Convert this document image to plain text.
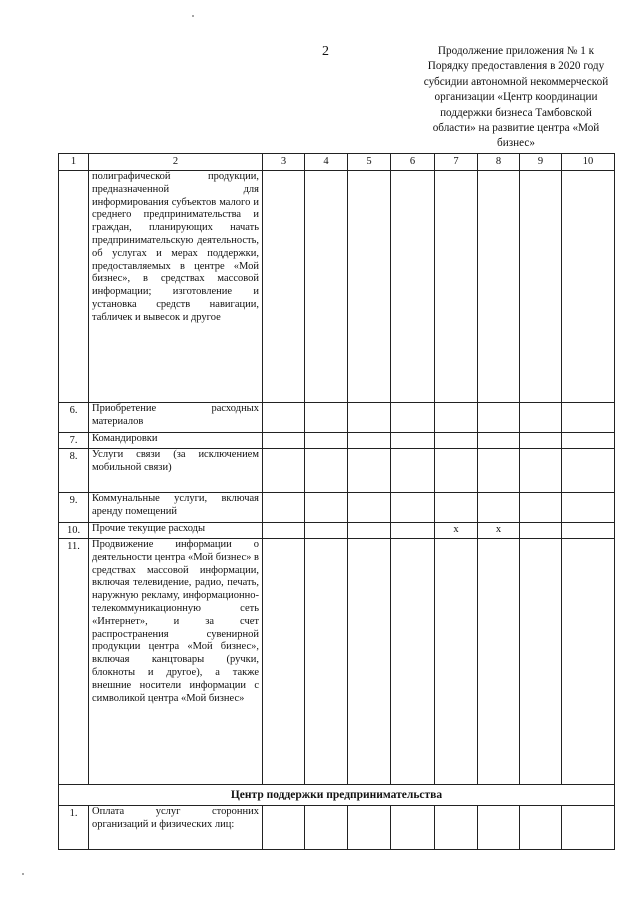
2	Продолжение приложения № 1 к Порядку предоставления в 2020 году субсидии автономной некоммерческой организации «Центр координации поддержки бизнеса Тамбовской области» на развитие центра «Мой бизнес»
1	2	3	4	5	6	7	8	9	10
	полиграфической продукции, предназначенной для информирования субъектов малого и среднего предпринимательства и граждан, планирующих начать предпринимательскую деятельность, об услугах и мерах поддержки, предоставляемых в центре «Мой бизнес», в средствах массовой информации; изготовление и установка средств навигации, табличек и вывесок и другое								
6.	Приобретение расходных материалов								
7.	Командировки								
8.	Услуги связи (за исключением мобильной связи)								
9.	Коммунальные услуги, включая аренду помещений								
10.	Прочие текущие расходы					x	x		
11.	Продвижение информации о деятельности центра «Мой бизнес» в средствах массовой информации, включая телевидение, радио, печать, наружную рекламу, информационно-телекоммуникационную сеть «Интернет», и за счет распространения сувенирной продукции центра «Мой бизнес», включая канцтовары (ручки, блокноты и другое), а также внешние носители информации с символикой центра «Мой бизнес»								
Центр поддержки предпринимательства									
1.	Оплата услуг сторонних организаций и физических лиц:								
